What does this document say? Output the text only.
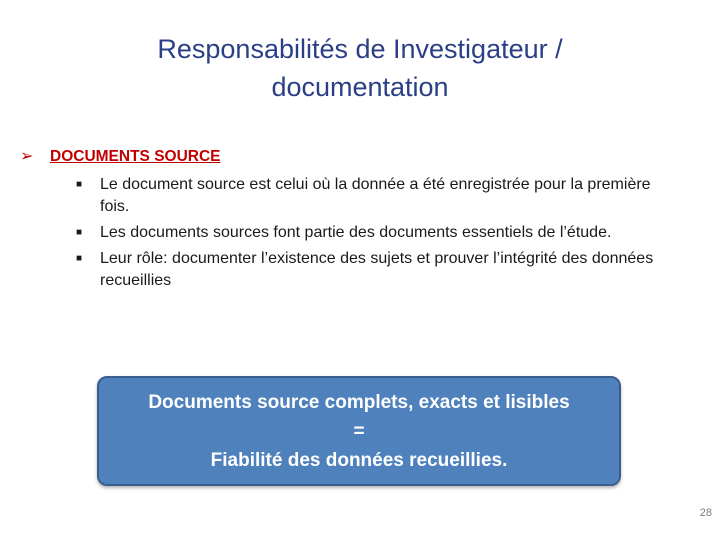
Responsabilités de Investigateur /
documentation
➢	DOCUMENTS SOURCE
■ Le document source est celui où la donnée a été enregistrée pour la première fois.
■ Les documents sources font partie des documents essentiels de l’étude.
■ Leur rôle: documenter l’existence des sujets et prouver l’intégrité des données recueillies
Documents source complets, exacts et lisibles
=
Fiabilité des données recueillies.
28
